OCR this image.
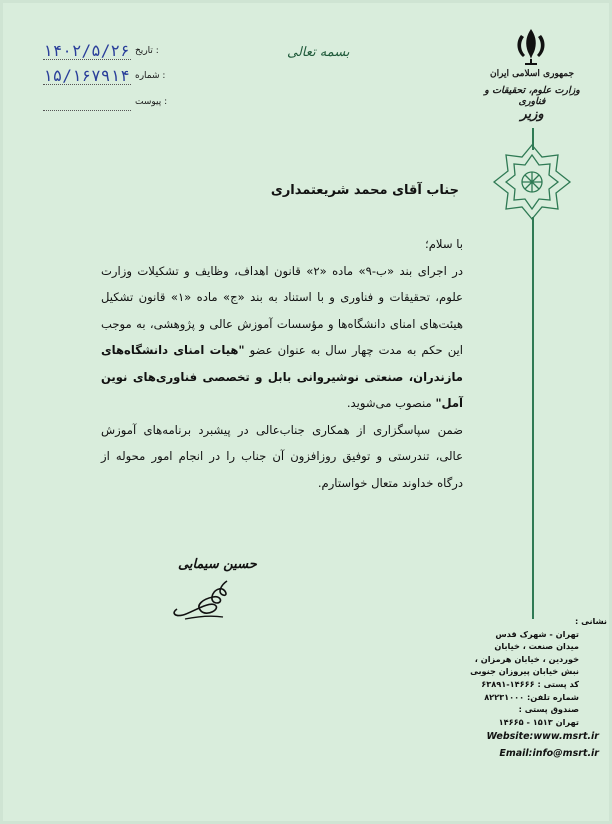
تاریخ :
۱۴۰۲/۵/۲۶
شماره :
۱۵/۱۶۷۹۱۴
پیوست :
بسمه تعالی
جمهوری اسلامی ایران
وزارت علوم، تحقیقات و فناوری
وزیر
جناب آقای محمد شریعتمداری

با سلام؛

در اجرای بند «ب-۹» ماده «۲» قانون اهداف، وظایف و تشکیلات وزارت علوم، تحقیقات و فناوری و با استناد به بند «ج» ماده «۱» قانون تشکیل هیئت‌های امنای دانشگاه‌ها و مؤسسات آموزش عالی و پژوهشی، به موجب این حکم به مدت چهار سال به عنوان عضو "هیات امنای دانشگاه‌های مازندران، صنعتی نوشیروانی بابل و تخصصی فناوری‌های نوین آمل" منصوب می‌شوید.

ضمن سپاسگزاری از همکاری جناب‌عالی در پیشبرد برنامه‌های آموزش عالی، تندرستی و توفیق روزافزون آن جناب را در انجام امور محوله از درگاه خداوند متعال خواستارم.

حسین سیمایی
نشانی :
تهران - شهرک قدس
میدان صنعت ، خیابان
خوردین ، خیابان هرمزان ،
نبش خیابان پیروزان جنوبی
کد پستی : ۱۴۶۶۶-۶۳۸۹۱
شماره تلفن: ۸۲۲۳۱۰۰۰
صندوق پستی :
تهران ۱۵۱۳ - ۱۴۶۶۵
Website:www.msrt.ir
Email:info@msrt.ir
